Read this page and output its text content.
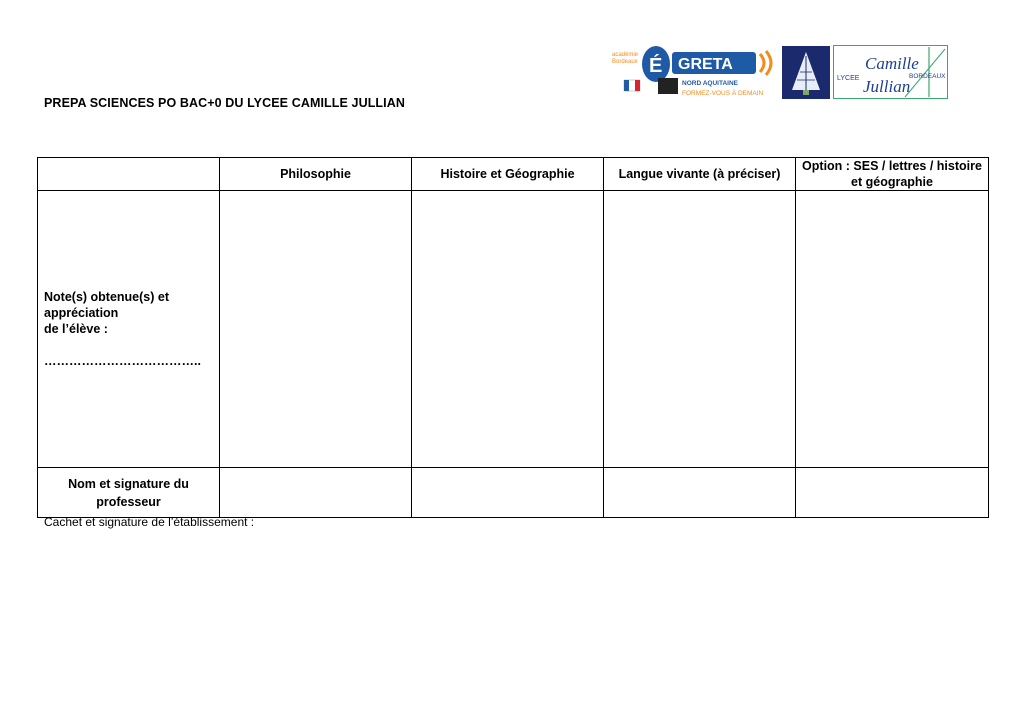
PREPA SCIENCES PO BAC+0 DU LYCEE CAMILLE JULLIAN
académie
Bordeaux É GRETA
NORD AQUITAINE
FORMEZ-VOUS À DEMAIN
LYCEE	BORDEAUX
Camille
Jullian
	Philosophie	Histoire et Géographie	Langue vivante (à préciser)	Option : SES / lettres / histoire et géographie
Note(s) obtenue(s) et
appréciation
de l’élève :
………………………………..				

Nom et signature du professeur				
Cachet et signature de l’établissement :
